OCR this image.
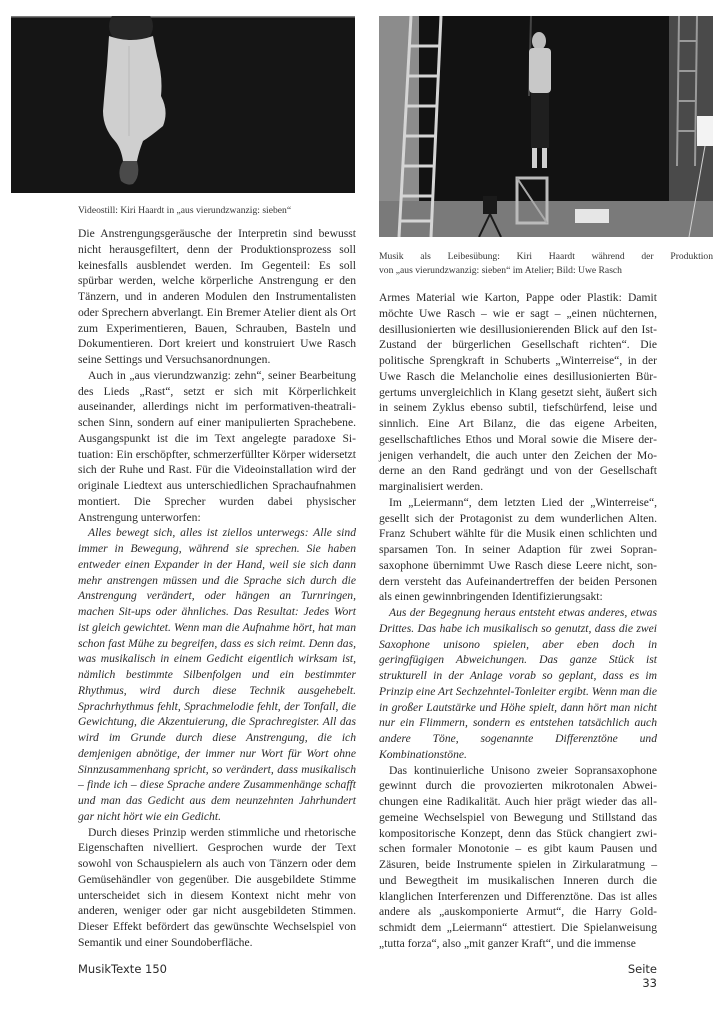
Videostill: Kiri Haardt in „aus vierundzwanzig: sieben“
Musik als Leibesübung: Kiri Haardt während der Produktion
von „aus vierundzwanzig: sieben“ im Atelier; Bild: Uwe Rasch

Die Anstrengungsgeräusche der Interpretin sind bewusst nicht herausgefiltert, denn der Produktionsprozess soll keinesfalls ausblendet werden. Im Gegenteil: Es soll spürbar werden, welche körperliche Anstrengung er den Tänzern, und in anderen Modulen den Instrumentalisten oder Sprechern abverlangt. Ein Bremer Atelier dient als Ort zum Experimentieren, Bauen, Schrauben, Basteln und Dokumentieren. Dort kreiert und konstruiert Uwe Rasch seine Settings und Versuchsanordnungen.

Auch in „aus vierundzwanzig: zehn“, seiner Bearbeitung des Lieds „Rast“, setzt er sich mit Körperlichkeit auseinander, allerdings nicht im performativen-theatralischen Sinn, sondern auf einer manipulierten Sprachebene. Ausgangspunkt ist die im Text angelegte paradoxe Situation: Ein erschöpfter, schmerzerfüllter Körper widersetzt sich der Ruhe und Rast. Für die Videoinstallation wird der originale Liedtext aus unterschiedlichen Sprachaufnahmen montiert. Die Sprecher wurden dabei physischer Anstrengung unterworfen:

Alles bewegt sich, alles ist ziellos unterwegs: Alle sind immer in Bewegung, während sie sprechen. Sie haben entweder einen Expander in der Hand, weil sie sich dann mehr anstrengen müssen und die Sprache sich durch die Anstrengung verändert, oder hängen an Turnringen, machen Sit-ups oder ähnliches. Das Resultat: Jedes Wort ist gleich gewichtet. Wenn man die Aufnahme hört, hat man schon fast Mühe zu begreifen, dass es sich reimt. Denn das, was musikalisch in einem Gedicht eigentlich wirksam ist, nämlich bestimmte Silbenfolgen und ein bestimmter Rhythmus, wird durch diese Technik ausgehebelt. Sprachrhythmus fehlt, Sprachmelodie fehlt, der Tonfall, die Gewichtung, die Akzentuierung, die Sprachregister. All das wird im Grunde durch diese Anstrengung, die ich demjenigen abnötige, der immer nur Wort für Wort ohne Sinnzusammenhang spricht, so verändert, dass musikalisch – finde ich – diese Sprache andere Zusammenhänge schafft und man das Gedicht aus dem neunzehnten Jahrhundert gar nicht hört wie ein Gedicht.

Durch dieses Prinzip werden stimmliche und rhetorische Eigenschaften nivelliert. Gesprochen wurde der Text sowohl von Schauspielern als auch von Tänzern oder dem Gemüsehändler von gegenüber. Die ausgebildete Stimme unterscheidet sich in diesem Kontext nicht mehr von anderen, weniger oder gar nicht ausgebildeten Stimmen. Dieser Effekt befördert das gewünschte Wechselspiel von Semantik und einer Soundoberfläche.

Armes Material wie Karton, Pappe oder Plastik: Damit möchte Uwe Rasch – wie er sagt – „einen nüchternen, desillusionierten wie desillusionierenden Blick auf den Ist-Zustand der bürgerlichen Gesellschaft richten“. Die politische Sprengkraft in Schuberts „Winterreise“, in der Uwe Rasch die Melancholie eines desillusionierten Bürgertums unvergleichlich in Klang gesetzt sieht, äußert sich in seinem Zyklus ebenso subtil, tiefschürfend, leise und sinnlich. Eine Art Bilanz, die das eigene Arbeiten, gesellschaftliches Ethos und Moral sowie die Misere derjenigen verhandelt, die auch unter den Zeichen der Moderne an den Rand gedrängt und von der Gesellschaft marginalisiert werden.

Im „Leiermann“, dem letzten Lied der „Winterreise“, gesellt sich der Protagonist zu dem wunderlichen Alten. Franz Schubert wählte für die Musik einen schlichten und sparsamen Ton. In seiner Adaption für zwei Sopransaxophone übernimmt Uwe Rasch diese Leere nicht, sondern versteht das Aufeinandertreffen der beiden Personen als einen gewinnbringenden Identifizierungsakt:

Aus der Begegnung heraus entsteht etwas anderes, etwas Drittes. Das habe ich musikalisch so genutzt, dass die zwei Saxophone unisono spielen, aber eben doch in geringfügigen Abweichungen. Das ganze Stück ist strukturell in der Anlage vorab so geplant, dass es im Prinzip eine Art Sechzehntel-Tonleiter ergibt. Wenn man die in großer Lautstärke und Höhe spielt, dann hört man nicht nur ein Flimmern, sondern es entstehen tatsächlich auch andere Töne, sogenannte Differenztöne und Kombinationstöne.

Das kontinuierliche Unisono zweier Sopransaxophone gewinnt durch die provozierten mikrotonalen Abweichungen eine Radikalität. Auch hier prägt wieder das allgemeine Wechselspiel von Bewegung und Stillstand das kompositorische Konzept, denn das Stück changiert zwischen formaler Monotonie – es gibt kaum Pausen und Zäsuren, beide Instrumente spielen in Zirkularatmung – und Bewegtheit im musikalischen Inneren durch die klanglichen Interferenzen und Differenztöne. Das ist alles andere als „auskomponierte Armut“, die Harry Goldschmidt dem „Leiermann“ attestiert. Die Spielanweisung „tutta forza“, also „mit ganzer Kraft“, und die immense

MusikTexte 150	Seite 33
